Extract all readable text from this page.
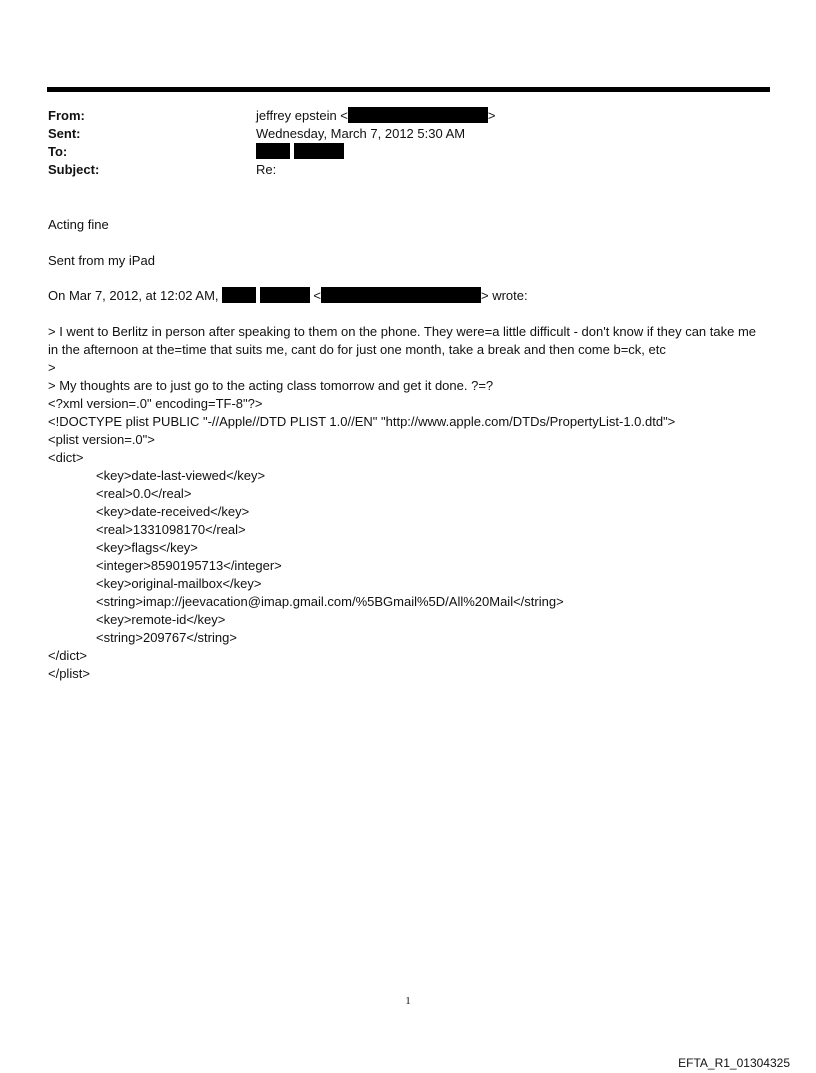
From:	jeffrey epstein <	>
Sent:	Wednesday, March 7, 2012 5:30 AM
To:

Subject:	Re:
Acting fine
Sent from my iPad
On Mar 7, 2012, at 12:02 AM,	<	> wrote:
> I went to Berlitz in person after speaking to them on the phone. They were=a little difficult - don't know if they can take me in the afternoon at the=time that suits me, cant do for just one month, take a break and then come b=ck, etc
>
> My thoughts are to just go to the acting class tomorrow and get it done. ?=?
<?xml version=.0" encoding=TF-8"?>
<!DOCTYPE plist PUBLIC "-//Apple//DTD PLIST 1.0//EN" "http://www.apple.com/DTDs/PropertyList-1.0.dtd">
<plist version=.0">
<dict>
<key>date-last-viewed</key>
<real>0.0</real>
<key>date-received</key>
<real>1331098170</real>
<key>flags</key>
<integer>8590195713</integer>
<key>original-mailbox</key>
<string>imap://jeevacation@imap.gmail.com/%5BGmail%5D/All%20Mail</string>
<key>remote-id</key>
<string>209767</string>
</dict>
</plist>
1
EFTA_R1_01304325
